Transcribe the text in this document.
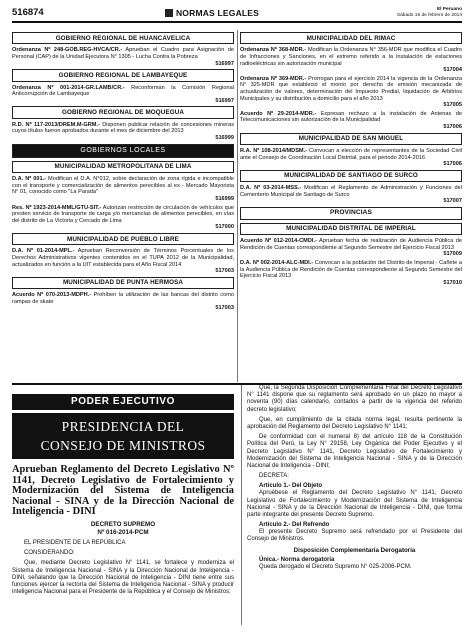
516874	NORMAS LEGALES	El Peruano
Sábado 15 de febrero de 2014
GOBIERNO REGIONAL DE HUANCAVELICA
Ordenanza Nº 248-GOB.REG-HVCA/CR.- Aprueban el Cuadro para Asignación de Personal (CAP) de la Unidad Ejecutora N° 1305 - Lucha Contra la Pobreza
516997
GOBIERNO REGIONAL DE LAMBAYEQUE
Ordenanza Nº 001-2014-GR.LAMB/CR.- Reconforman la Comisión Regional Anticorrupción de Lambayeque
516997
GOBIERNO REGIONAL DE MOQUEGUA
R.D. Nº 117-2013/DREM.M-GRM.- Disponen publicar relación de concesiones mineras cuyos títulos fueron aprobados durante el mes de diciembre del 2013
516999
GOBIERNOS LOCALES
MUNICIPALIDAD METROPOLITANA DE LIMA
D.A. Nº 001.- Modifican el D.A. N°012, sobre declaración de zona rígida e incompatible con el transporte y comercialización de alimentos perecibles al ex - Mercado Mayorista N° 01, conocido como "La Parada"
516999
Res. Nº 1923-2014-MML/GTU-SIT.- Autorizan restricción de circulación de vehículos que presten servicio de transporte de carga y/o mercancías de alimentos perecibles, en vías del distrito de La Victoria y Cercado de Lima
517000
MUNICIPALIDAD DE PUEBLO LIBRE
D.A. Nº 01-2014-MPL.- Aprueban Reconversión de Términos Porcentuales de los Derechos Administrativos vigentes contenidos en el TUPA 2012 de la Municipalidad, actualizados en función a la UIT establecida para el Año Fiscal 2014
517003
MUNICIPALIDAD DE PUNTA HERMOSA
Acuerdo Nº 070-2013-MDPH.- Prohíben la utilización de las bancas del distrito como rampas de skate
517003
MUNICIPALIDAD DEL RIMAC
Ordenanza Nº 368-MDR.- Modifican la Ordenanza N° 356-MDR que modifica el Cuadro de Infracciones y Sanciones, en el extremo referido a la instalación de estaciones radioeléctricas sin autorización municipal
517004
Ordenanza Nº 369-MDR.- Prorrogan para el ejercicio 2014 la vigencia de la Ordenanza N° 325-MDR que estableció el monto por derecho de emisión mecanizada de actualización de valores, determinación del Impuesto Predial, liquidación de Arbitrios Municipales y su distribución a domicilio para el año 2013
517005
Acuerdo Nº 29-2014-MDR.- Expresan rechazo a la instalación de Antenas de Telecomunicaciones sin autorización de la Municipalidad
517006
MUNICIPALIDAD DE SAN MIGUEL
R.A. Nº 108-2014/MDSM.- Convocan a elección de representantes de la Sociedad Civil ante el Consejo de Coordinación Local Distrital, para el periodo 2014-2016
517006
MUNICIPALIDAD DE SANTIAGO DE SURCO
D.A. Nº 03-2014-MSS.- Modifican el Reglamento de Administración y Funciones del Cementerio Municipal de Santiago de Surco
517007
PROVINCIAS
MUNICIPALIDAD DISTRITAL DE IMPERIAL
Acuerdo Nº 012-2014-CMDI.- Aprueban fecha de realización de Audiencia Pública de Rendición de Cuentas correspondiente al Segundo Semestre del Ejercicio Fiscal 2013
517009
D.A. Nº 002-2014-ALC-MDI.- Convocan a la población del Distrito de Imperial - Cañete a la Audiencia Pública de Rendición de Cuentas correspondiente al Segundo Semestre del Ejercicio Fiscal 2013
517010
PODER EJECUTIVO
PRESIDENCIA DEL
CONSEJO DE MINISTROS
Aprueban Reglamento del Decreto Legislativo Nº 1141, Decreto Legislativo de Fortalecimiento y Modernización del Sistema de Inteligencia Nacional - SINA y de la Dirección Nacional de Inteligencia - DINI
DECRETO SUPREMO
Nº 016-2014-PCM
EL PRESIDENTE DE LA REPÚBLICA
CONSIDERANDO:
Que, mediante Decreto Legislativo N° 1141, se fortalece y moderniza el Sistema de Inteligencia Nacional - SINA y la Dirección Nacional de Inteligencia - DINI, señalando que la Dirección Nacional de Inteligencia - DINI tiene entre sus funciones ejercer la rectoría del Sistema de Inteligencia Nacional - SINA y producir inteligencia Nacional para el Presidente de la República y el Consejo de Ministros;
Que, la Segunda Disposición Complementaria Final del Decreto Legislativo N° 1141 dispone que su reglamento será aprobado en un plazo no mayor a noventa (90) días calendario, contados a partir de la vigencia del referido decreto legislativo;
Que, en cumplimiento de la citada norma legal, resulta pertinente la aprobación del Reglamento del Decreto Legislativo N° 1141;
De conformidad con el numeral 8) del artículo 118 de la Constitución Política del Perú, la Ley N° 29158, Ley Orgánica del Poder Ejecutivo y el Decreto Legislativo N° 1141, Decreto Legislativo de Fortalecimiento y Modernización del Sistema de Inteligencia Nacional - SINA y de la Dirección Nacional de Inteligencia - DINI;
DECRETA:
Artículo 1.- Del Objeto
Apruébese el Reglamento del Decreto Legislativo N° 1141, Decreto Legislativo de Fortalecimiento y Modernización del Sistema de Inteligencia Nacional - SINA y de la Dirección Nacional de Inteligencia - DINI, que forma parte integrante del presente Decreto Supremo.
Artículo 2.- Del Refrendo
El presente Decreto Supremo será refrendado por el Presidente del Consejo de Ministros.
Disposición Complementaria Derogatoria
Única.- Norma derogatoria
Queda derogado el Decreto Supremo N° 025-2006-PCM.
